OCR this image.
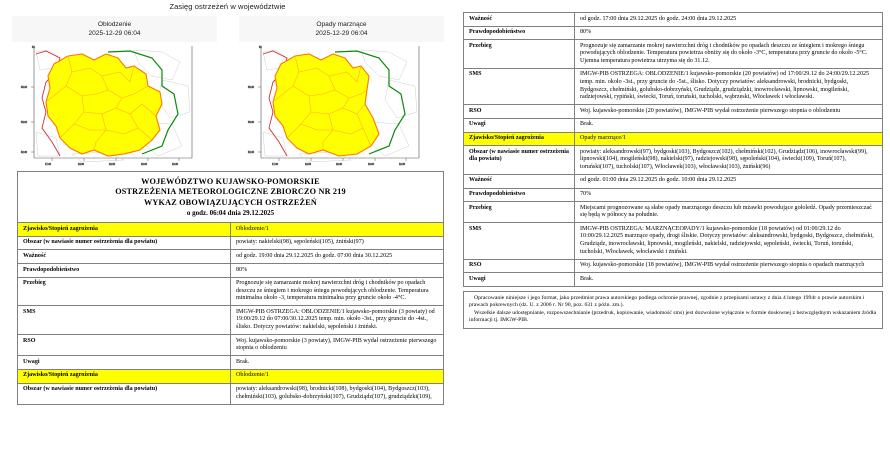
Zasięg ostrzeżeń w województwie
Oblodzenie
2025-12-29 06:04
53.30
53.00
52.30
17.30	18.00	18.30	19.00	19.30
54
Opady marznące
2025-12-29 06:04
53.30
53.00
52.30
17.30	18.00	18.30	19.00	19.30
54
WOJEWÓDZTWO KUJAWSKO-POMORSKIE
OSTRZEŻENIA METEOROLOGICZNE ZBIORCZO NR 219
WYKAZ OBOWIĄZUJĄCYCH OSTRZEŻEŃ
o godz. 06:04 dnia 29.12.2025	

Zjawisko/Stopień zagrożenia	Oblodzenie/1
Obszar (w nawiasie numer ostrzeżenia dla powiatu)	powiaty: nakielski(98), sępoleński(105), żniński(97)
Ważność	od godz. 19:00 dnia 29.12.2025 do godz. 07:00 dnia 30.12.2025
Prawdopodobieństwo	80%
Przebieg	Prognozuje się zamarzanie mokrej nawierzchni dróg i chodników po opadach deszczu ze śniegiem i mokrego śniegu powodujących oblodzenie. Temperatura minimalna około -3, temperatura minimalna przy gruncie około -4°C.
SMS	IMGW-PIB OSTRZEGA: OBLODZENIE/1 kujawsko-pomorskie (3 powiaty) od 19:00/29.12 do 07:00/30.12.2025 temp. min. około -3st., przy gruncie do -4st., ślisko. Dotyczy powiatów: nakielski, sępoleński i żniński.
RSO	Woj. kujawsko-pomorskie (3 powiaty), IMGW-PIB wydał ostrzeżenie pierwszego stopnia o oblodzeniu
Uwagi	Brak.
Zjawisko/Stopień zagrożenia	Oblodzenie/1
Obszar (w nawiasie numer ostrzeżenia dla powiatu)	powiaty: aleksandrowski(98), brodnicki(108), bydgoski(104), Bydgoszcz(103), chełmiński(103), golubsko-dobrzyński(107), Grudziądz(107), grudziądzki(109),
Ważność	od godz. 17:00 dnia 29.12.2025 do godz. 24:00 dnia 29.12.2025
Prawdopodobieństwo	80%
Przebieg	Prognozuje się zamarzanie mokrej nawierzchni dróg i chodników po opadach deszczu ze śniegiem i mokrego śniegu powodujących oblodzenie. Temperatura powietrza obniży się do około -3°C, temperatura przy gruncie do około -5°C. Ujemna temperatura powietrza utrzyma się do 31.12.
SMS	IMGW-PIB OSTRZEGA: OBLODZENIE/1 kujawsko-pomorskie (20 powiatów) od 17:00/29.12 do 24:00/29.12.2025 temp. min. około -3st., przy gruncie do -5st., ślisko. Dotyczy powiatów: aleksandrowski, brodnicki, bydgoski, Bydgoszcz, chełmiński, golubsko-dobrzyński, Grudziądz, grudziądzki, inowrocławski, lipnowski, mogileński, radziejowski, rypiński, świecki, Toruń, toruński, tucholski, wąbrzeski, Włocławek i włocławski.
RSO	Woj. kujawsko-pomorskie (20 powiatów), IMGW-PIB wydał ostrzeżenie pierwszego stopnia o oblodzeniu
Uwagi	Brak.
Zjawisko/Stopień zagrożenia	Opady marznące/1
Obszar (w nawiasie numer ostrzeżenia dla powiatu)	powiaty: aleksandrowski(97), bydgoski(103), Bydgoszcz(102), chełmiński(102), Grudziądz(106), inowrocławski(99), lipnowski(104), mogileński(98), nakielski(97), radziejowski(98), sępoleński(104), świecki(109), Toruń(107), toruński(107), tucholski(107), Włocławek(103), włocławski(103), żniński(96)
Ważność	od godz. 01:00 dnia 29.12.2025 do godz. 10:00 dnia 29.12.2025
Prawdopodobieństwo	70%
Przebieg	Miejscami prognozowane są słabe opady marznącego deszczu lub mżawki powodujące gołoledź. Opady przemieszczać się będą w północy na południe.
SMS	IMGW-PIB OSTRZEGA: MARZNĄCEOPADY/1 kujawsko-pomorskie (18 powiatów) od 01:00/29.12 do 10:00/29.12.2025 marznące opady, drogi śliskie. Dotyczy powiatów: aleksandrowski, bydgoski, Bydgoszcz, chełmiński, Grudziądz, inowrocławski, lipnowski, mogileński, nakielski, radziejowski, sępoleński, świecki, Toruń, toruński, tucholski, Włocławek, włocławski i żniński.
RSO	Woj. kujawsko-pomorskie (18 powiatów), IMGW-PIB wydał ostrzeżenie pierwszego stopnia o opadach marznących
Uwagi	Brak.

Opracowanie niniejsze i jego format, jako przedmiot prawa autorskiego podlega ochronie prawnej, zgodnie z przepisami ustawy z dnia 4 lutego 1994r o prawie autorskim i prawach pokrewnych (dz. U. z 2006 r. Nr 90, poz. 631 z późn. zm.).

Wszelkie dalsze udostępnianie, rozpowszechnianie (przedruk, kopiowanie, wiadomość sms) jest dozwolone wyłącznie w formie dosłownej z bezwzględnym wskazaniem źródła informacji tj. IMGW-PIB.
